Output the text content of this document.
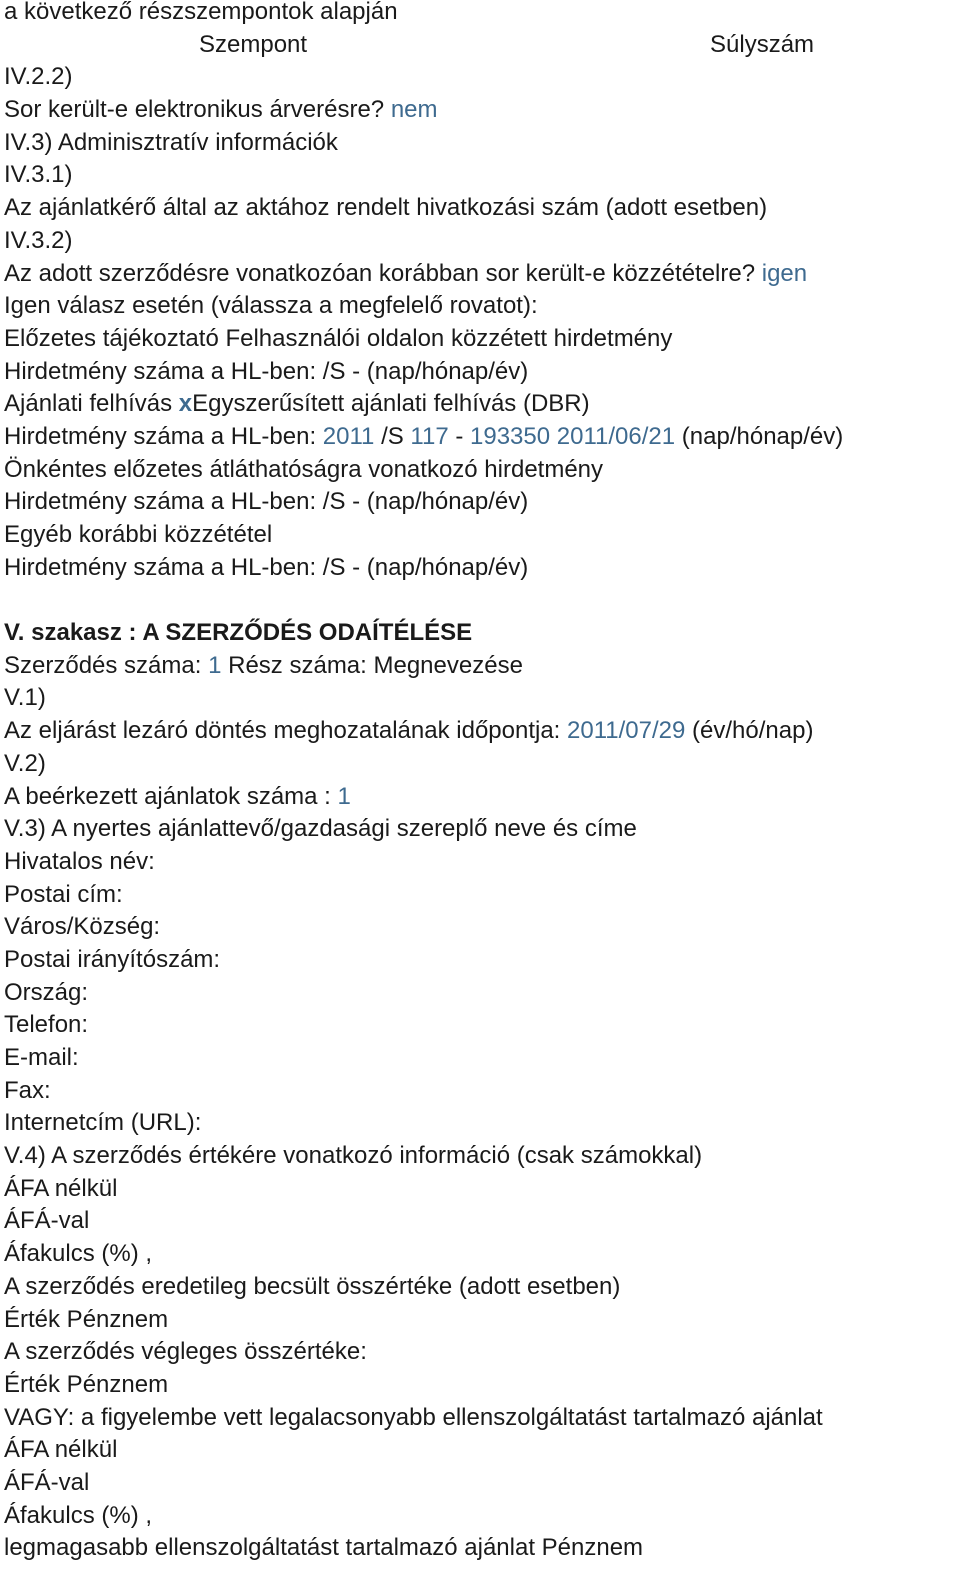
a következő részszempontok alapján
Szempont	Súlyszám
IV.2.2)
Sor került-e elektronikus árverésre? nem
IV.3) Adminisztratív információk
IV.3.1)
Az ajánlatkérő által az aktához rendelt hivatkozási szám (adott esetben)
IV.3.2)
Az adott szerződésre vonatkozóan korábban sor került-e közzétételre? igen
Igen válasz esetén (válassza a megfelelő rovatot):
Előzetes tájékoztató Felhasználói oldalon közzétett hirdetmény
Hirdetmény száma a HL-ben: /S - (nap/hónap/év)
Ajánlati felhívás xEgyszerűsített ajánlati felhívás (DBR)
Hirdetmény száma a HL-ben: 2011 /S 117 - 193350 2011/06/21 (nap/hónap/év)
Önkéntes előzetes átláthatóságra vonatkozó hirdetmény
Hirdetmény száma a HL-ben: /S - (nap/hónap/év)
Egyéb korábbi közzététel
Hirdetmény száma a HL-ben: /S - (nap/hónap/év)
V. szakasz : A SZERZŐDÉS ODAÍTÉLÉSE
Szerződés száma: 1 Rész száma: Megnevezése
V.1)
Az eljárást lezáró döntés meghozatalának időpontja: 2011/07/29 (év/hó/nap)
V.2)
A beérkezett ajánlatok száma : 1
V.3) A nyertes ajánlattevő/gazdasági szereplő neve és címe
Hivatalos név:
Postai cím:
Város/Község:
Postai irányítószám:
Ország:
Telefon:
E-mail:
Fax:
Internetcím (URL):
V.4) A szerződés értékére vonatkozó információ (csak számokkal)
ÁFA nélkül
ÁFÁ-val
Áfakulcs (%) ,
A szerződés eredetileg becsült összértéke (adott esetben)
Érték Pénznem
A szerződés végleges összértéke:
Érték Pénznem
VAGY: a figyelembe vett legalacsonyabb ellenszolgáltatást tartalmazó ajánlat
ÁFA nélkül
ÁFÁ-val
Áfakulcs (%) ,
legmagasabb ellenszolgáltatást tartalmazó ajánlat Pénznem
